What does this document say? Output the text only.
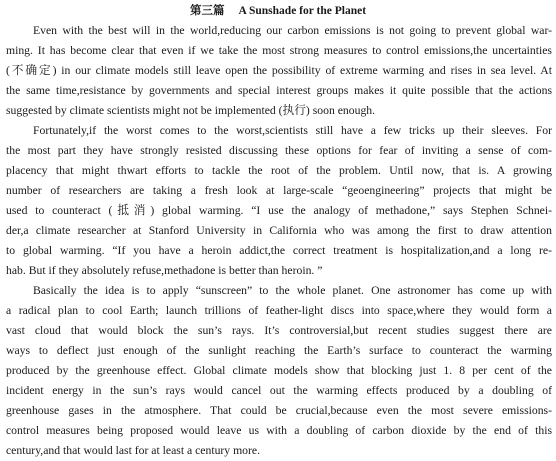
第三篇 A Sunshade for the Planet
Even with the best will in the world,reducing our carbon emissions is not going to prevent global war-
ming. It has become clear that even if we take the most strong measures to control emissions,the uncertainties
(不确定) in our climate models still leave open the possibility of extreme warming and rises in sea level. At
the same time,resistance by governments and special interest groups makes it quite possible that the actions
suggested by climate scientists might not be implemented (执行) soon enough.
Fortunately,if the worst comes to the worst,scientists still have a few tricks up their sleeves. For
the most part they have strongly resisted discussing these options for fear of inviting a sense of com-
placency that might thwart efforts to tackle the root of the problem. Until now, that is. A growing
number of researchers are taking a fresh look at large-scale “geoengineering” projects that might be
used to counteract (抵消) global warming. “I use the analogy of methadone,” says Stephen Schnei-
der,a climate researcher at Stanford University in California who was among the first to draw attention
to global warming. “If you have a heroin addict,the correct treatment is hospitalization,and a long re-
hab. But if they absolutely refuse,methadone is better than heroin. ”
Basically the idea is to apply “sunscreen” to the whole planet. One astronomer has come up with
a radical plan to cool Earth; launch trillions of feather-light discs into space,where they would form a
vast cloud that would block the sun’s rays. It’s controversial,but recent studies suggest there are
ways to deflect just enough of the sunlight reaching the Earth’s surface to counteract the warming
produced by the greenhouse effect. Global climate models show that blocking just 1. 8 per cent of the
incident energy in the sun’s rays would cancel out the warming effects produced by a doubling of
greenhouse gases in the atmosphere. That could be crucial,because even the most severe emissions-
control measures being proposed would leave us with a doubling of carbon dioxide by the end of this
century,and that would last for at least a century more.
